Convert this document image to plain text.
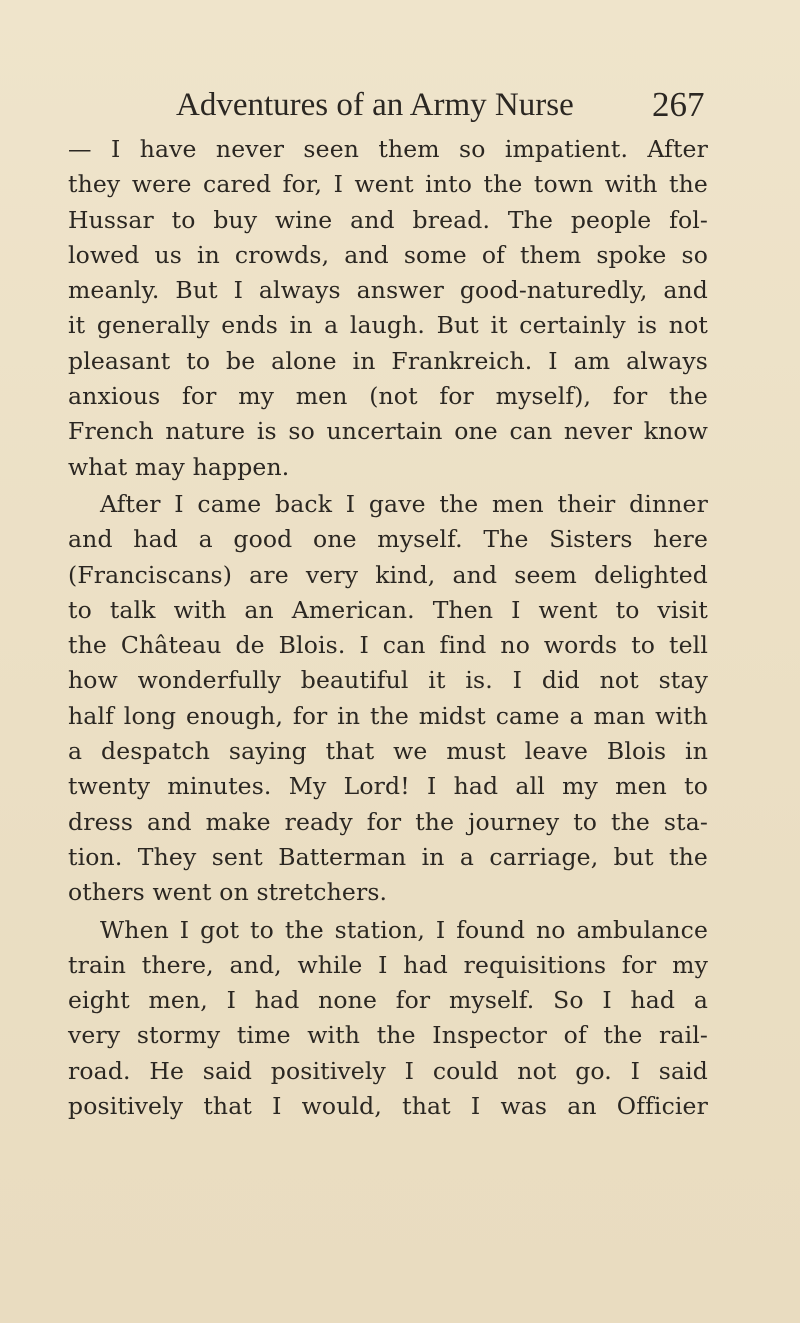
Adventures of an Army Nurse 267
— I have never seen them so impatient. After
they were cared for, I went into the town with the
Hussar to buy wine and bread. The people fol-
lowed us in crowds, and some of them spoke so
meanly. But I always answer good-naturedly, and
it generally ends in a laugh. But it certainly is not
pleasant to be alone in Frankreich. I am always
anxious for my men (not for myself), for the
French nature is so uncertain one can never know
what may happen.
After I came back I gave the men their dinner
and had a good one myself. The Sisters here
(Franciscans) are very kind, and seem delighted
to talk with an American. Then I went to visit
the Château de Blois. I can find no words to tell
how wonderfully beautiful it is. I did not stay
half long enough, for in the midst came a man with
a despatch saying that we must leave Blois in
twenty minutes. My Lord! I had all my men to
dress and make ready for the journey to the sta-
tion. They sent Batterman in a carriage, but the
others went on stretchers.
When I got to the station, I found no ambulance
train there, and, while I had requisitions for my
eight men, I had none for myself. So I had a
very stormy time with the Inspector of the rail-
road. He said positively I could not go. I said
positively that I would, that I was an Officier
